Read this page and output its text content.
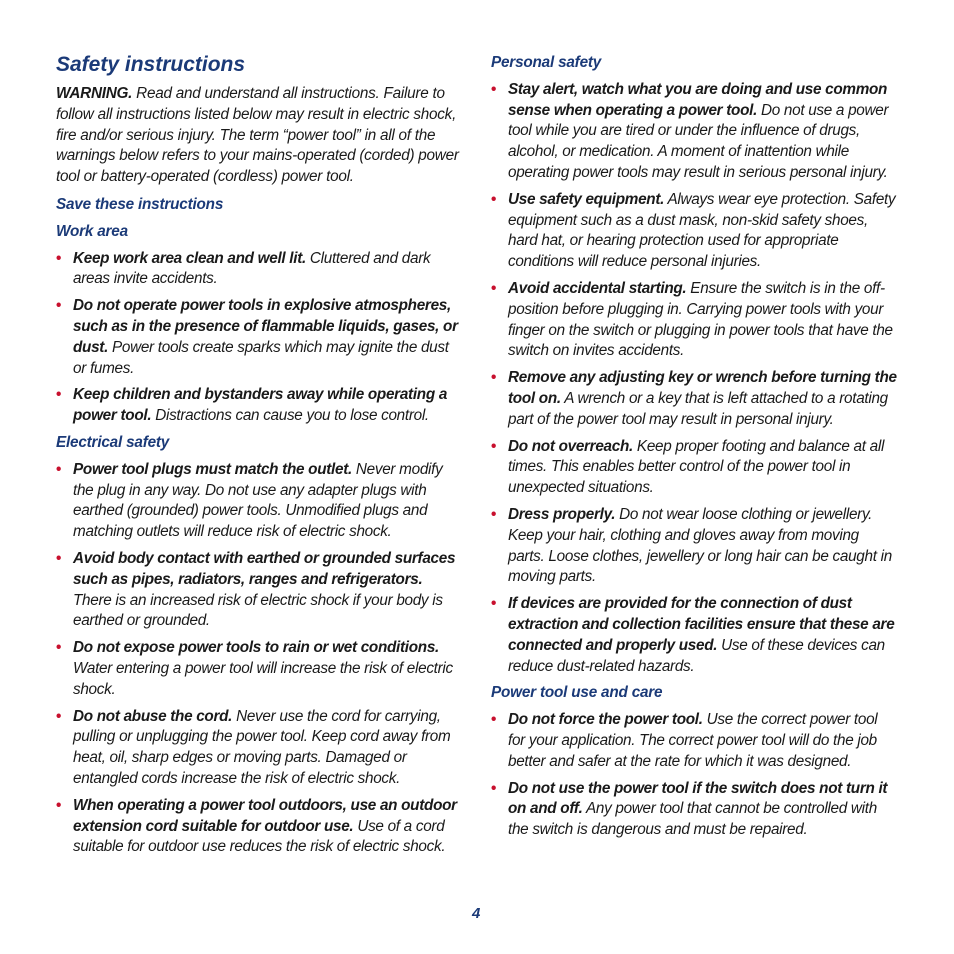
Safety instructions

WARNING. Read and understand all instructions. Failure to follow all instructions listed below may result in electric shock, fire and/or serious injury. The term “power tool” in all of the warnings below refers to your mains-operated (corded) power tool or battery-operated (cordless) power tool.

Save these instructions
Work area
• Keep work area clean and well lit. Cluttered and dark areas invite accidents.
• Do not operate power tools in explosive atmospheres, such as in the presence of flammable liquids, gases, or dust. Power tools create sparks which may ignite the dust or fumes.
• Keep children and bystanders away while operating a power tool. Distractions can cause you to lose control.
Electrical safety
• Power tool plugs must match the outlet. Never modify the plug in any way. Do not use any adapter plugs with earthed (grounded) power tools. Unmodified plugs and matching outlets will reduce risk of electric shock.
• Avoid body contact with earthed or grounded surfaces such as pipes, radiators, ranges and refrigerators. There is an increased risk of electric shock if your body is earthed or grounded.
• Do not expose power tools to rain or wet conditions. Water entering a power tool will increase the risk of electric shock.
• Do not abuse the cord. Never use the cord for carrying, pulling or unplugging the power tool. Keep cord away from heat, oil, sharp edges or moving parts. Damaged or entangled cords increase the risk of electric shock.
• When operating a power tool outdoors, use an outdoor extension cord suitable for outdoor use. Use of a cord suitable for outdoor use reduces the risk of electric shock.
Personal safety
• Stay alert, watch what you are doing and use common sense when operating a power tool. Do not use a power tool while you are tired or under the influence of drugs, alcohol, or medication. A moment of inattention while operating power tools may result in serious personal injury.
• Use safety equipment. Always wear eye protection. Safety equipment such as a dust mask, non-skid safety shoes, hard hat, or hearing protection used for appropriate conditions will reduce personal injuries.
• Avoid accidental starting. Ensure the switch is in the off-position before plugging in. Carrying power tools with your finger on the switch or plugging in power tools that have the switch on invites accidents.
• Remove any adjusting key or wrench before turning the tool on. A wrench or a key that is left attached to a rotating part of the power tool may result in personal injury.
• Do not overreach. Keep proper footing and balance at all times. This enables better control of the power tool in unexpected situations.
• Dress properly. Do not wear loose clothing or jewellery. Keep your hair, clothing and gloves away from moving parts. Loose clothes, jewellery or long hair can be caught in moving parts.
• If devices are provided for the connection of dust extraction and collection facilities ensure that these are connected and properly used. Use of these devices can reduce dust-related hazards.
Power tool use and care
• Do not force the power tool. Use the correct power tool for your application. The correct power tool will do the job better and safer at the rate for which it was designed.
• Do not use the power tool if the switch does not turn it on and off. Any power tool that cannot be controlled with the switch is dangerous and must be repaired.
4
